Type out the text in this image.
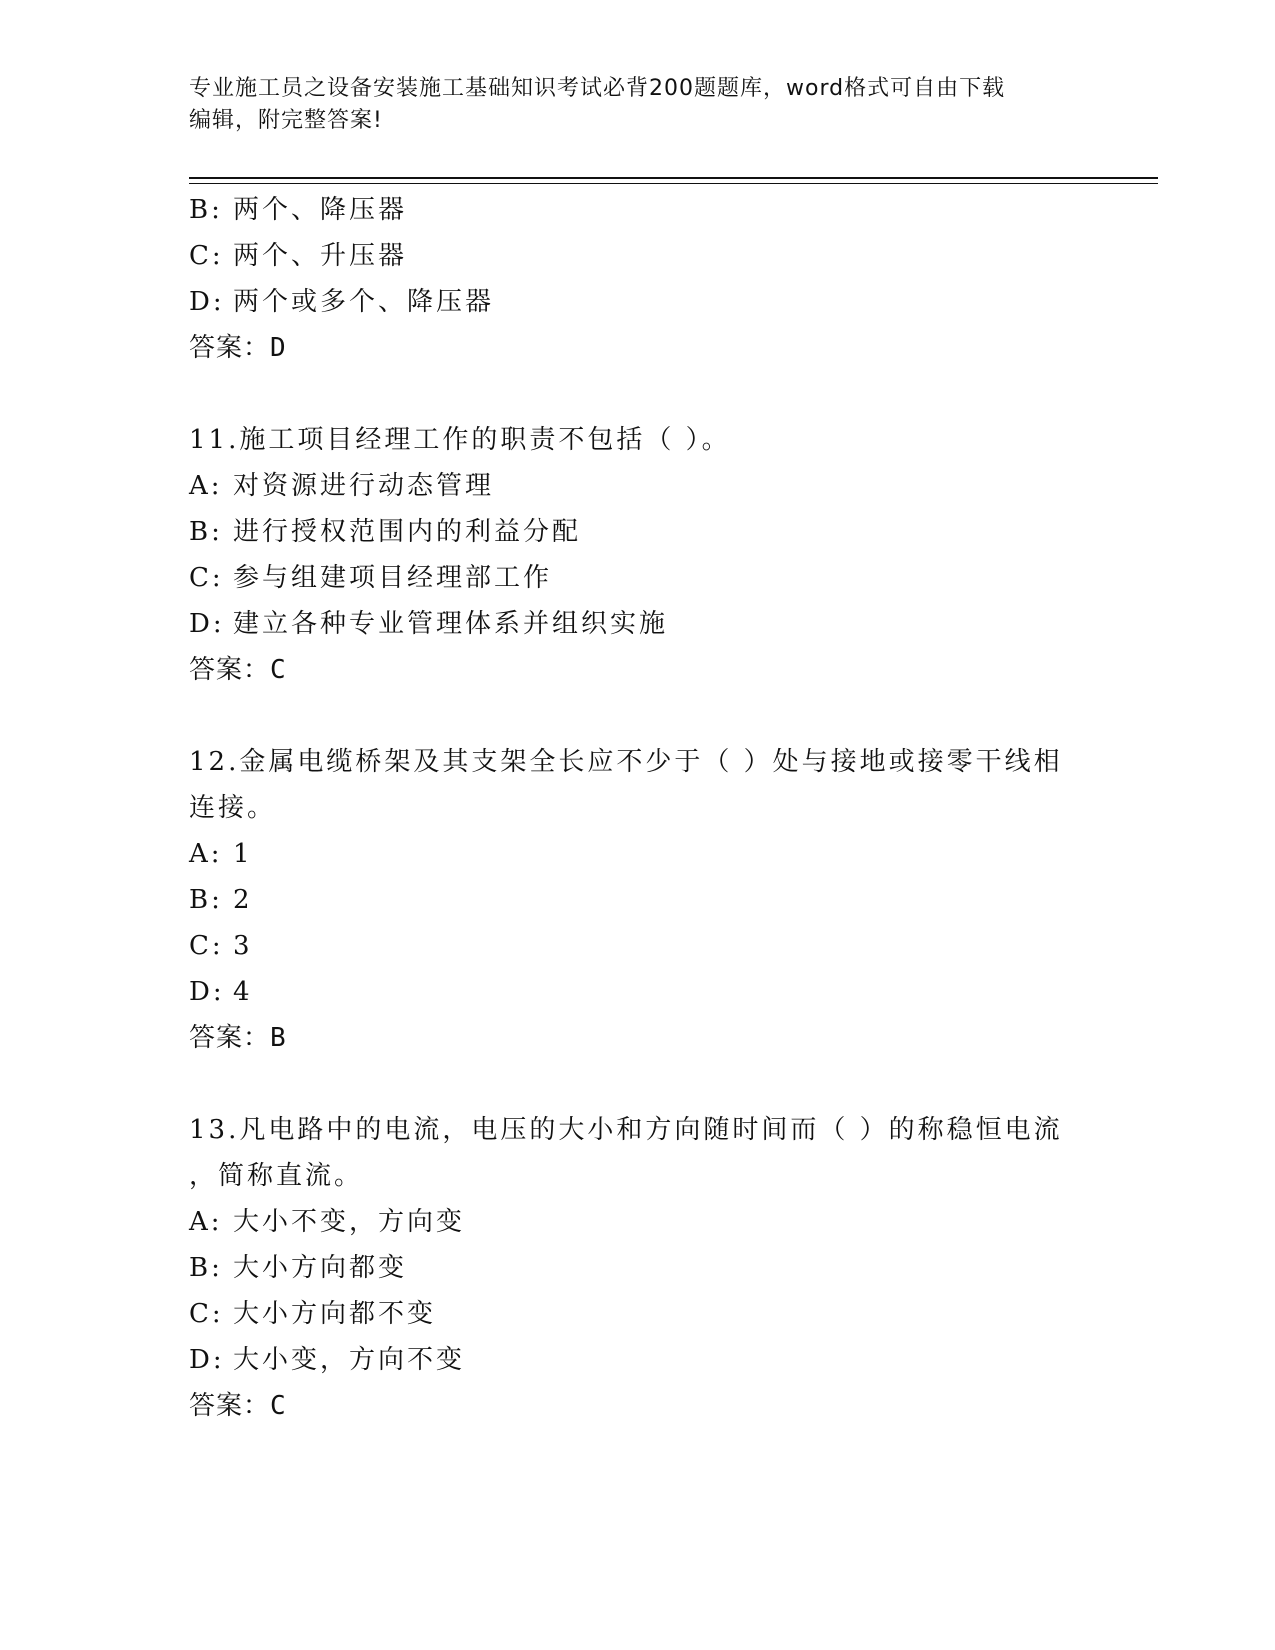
专业施工员之设备安装施工基础知识考试必背200题题库，word格式可自由下载
编辑，附完整答案!
B: 两个、降压器
C: 两个、升压器
D: 两个或多个、降压器
答案：D
11.施工项目经理工作的职责不包括（ ）。
A: 对资源进行动态管理
B: 进行授权范围内的利益分配
C: 参与组建项目经理部工作
D: 建立各种专业管理体系并组织实施
答案：C
12.金属电缆桥架及其支架全长应不少于（ ）处与接地或接零干线相
连接。
A: 1
B: 2
C: 3
D: 4
答案：B
13.凡电路中的电流，电压的大小和方向随时间而（ ）的称稳恒电流
，简称直流。
A: 大小不变，方向变
B: 大小方向都变
C: 大小方向都不变
D: 大小变，方向不变
答案：C
